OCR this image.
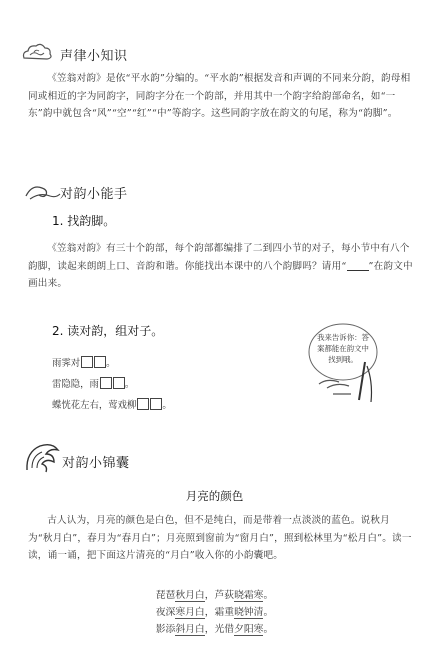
声律小知识
《笠翁对韵》是依“平水韵”分编的。“平水韵”根据发音和声调的不同来分韵，韵母相同或相近的字为同韵字，同韵字分在一个韵部，并用其中一个韵字给韵部命名，如“一东”韵中就包含“风”“空”“红”“中”等韵字。这些同韵字放在韵文的句尾，称为“韵脚”。
对韵小能手
1. 找韵脚。
《笠翁对韵》有三十个韵部，每个韵部都编排了二到四小节的对子，每小节中有八个韵脚，读起来朗朗上口、音韵和谐。你能找出本课中的八个韵脚吗？请用“ ”在韵文中画出来。
2. 读对韵，组对子。
雨霁对	。
雷隐隐，雨	。
蝶恍花左右，莺戏柳	。
我来告诉你：答案都能在韵文中找到哦。
对韵小锦囊
月亮的颜色
古人认为，月亮的颜色是白色，但不是纯白，而是带着一点淡淡的蓝色。说秋月为“秋月白”，春月为“春月白”；月亮照到窗前为“窗月白”，照到松林里为“松月白”。读一读，诵一诵，把下面这片清亮的“月白”收入你的小韵囊吧。
琵琶秋月白，芦荻晓霜寒。
夜深寒月白，霜重晓钟清。
影添斜月白，光借夕阳寒。
